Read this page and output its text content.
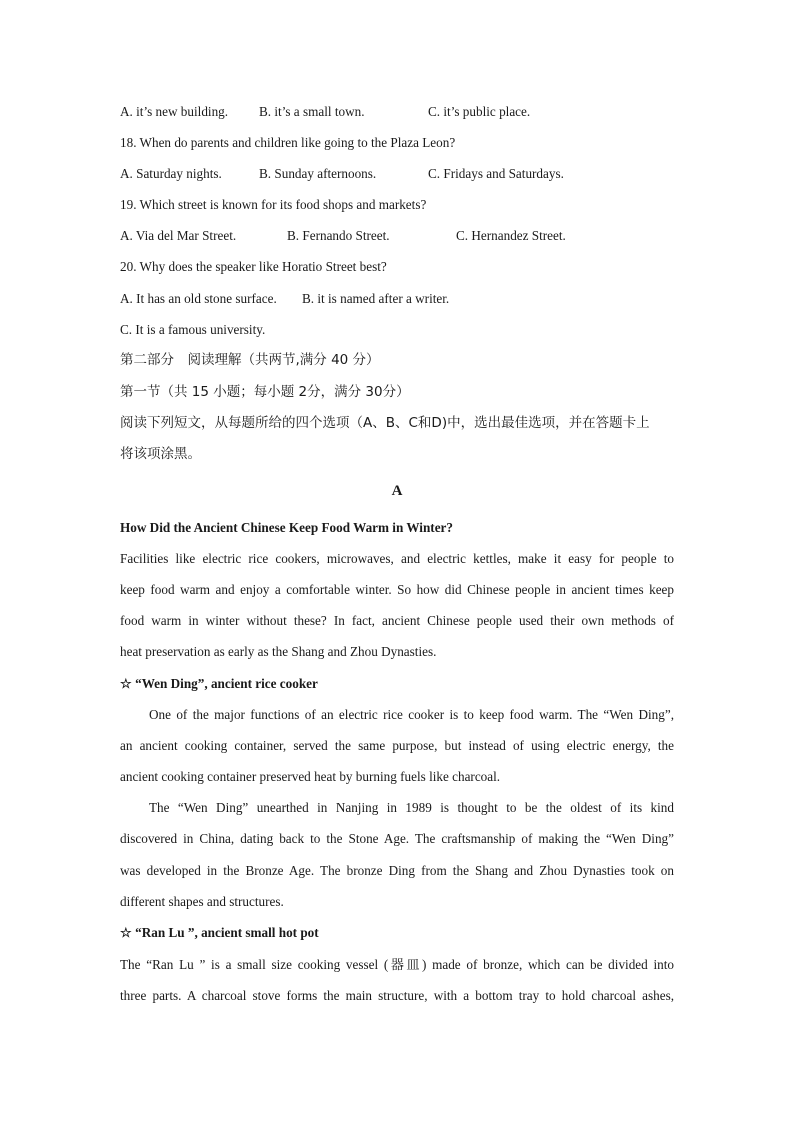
A. it’s new building. B. it’s a small town.	C. it’s public place.
18. When do parents and children like going to the Plaza Leon?
A. Saturday nights.	B. Sunday afternoons.	C. Fridays and Saturdays.
19. Which street is known for its food shops and markets?
A. Via del Mar Street.	B. Fernando Street.	C. Hernandez Street.
20. Why does the speaker like Horatio Street best?
A. It has an old stone surface. B. it is named after a writer.
C. It is a famous university.
第二部分　阅读理解（共两节,满分 40 分）
第一节（共 15 小题；每小题 2分，满分 30分）
阅读下列短文，从每题所给的四个选项（A、B、C和D)中，选出最佳选项，并在答题卡上
将该项涂黑。
A
How Did the Ancient Chinese Keep Food Warm in Winter?
Facilities like electric rice cookers, microwaves, and electric kettles, make it easy for people to
keep food warm and enjoy a comfortable winter. So how did Chinese people in ancient times keep
food warm in winter without these? In fact, ancient Chinese people used their own methods of
heat preservation as early as the Shang and Zhou Dynasties.
☆ “Wen Ding”, ancient rice cooker
One of the major functions of an electric rice cooker is to keep food warm. The “Wen Ding”,
an ancient cooking container, served the same purpose, but instead of using electric energy, the
ancient cooking container preserved heat by burning fuels like charcoal.
The “Wen Ding” unearthed in Nanjing in 1989 is thought to be the oldest of its kind
discovered in China, dating back to the Stone Age. The craftsmanship of making the “Wen Ding”
was developed in the Bronze Age. The bronze Ding from the Shang and Zhou Dynasties took on
different shapes and structures.
☆ “Ran Lu ”, ancient small hot pot
The “Ran Lu ” is a small size cooking vessel (器皿) made of bronze, which can be divided into
three parts. A charcoal stove forms the main structure, with a bottom tray to hold charcoal ashes,
